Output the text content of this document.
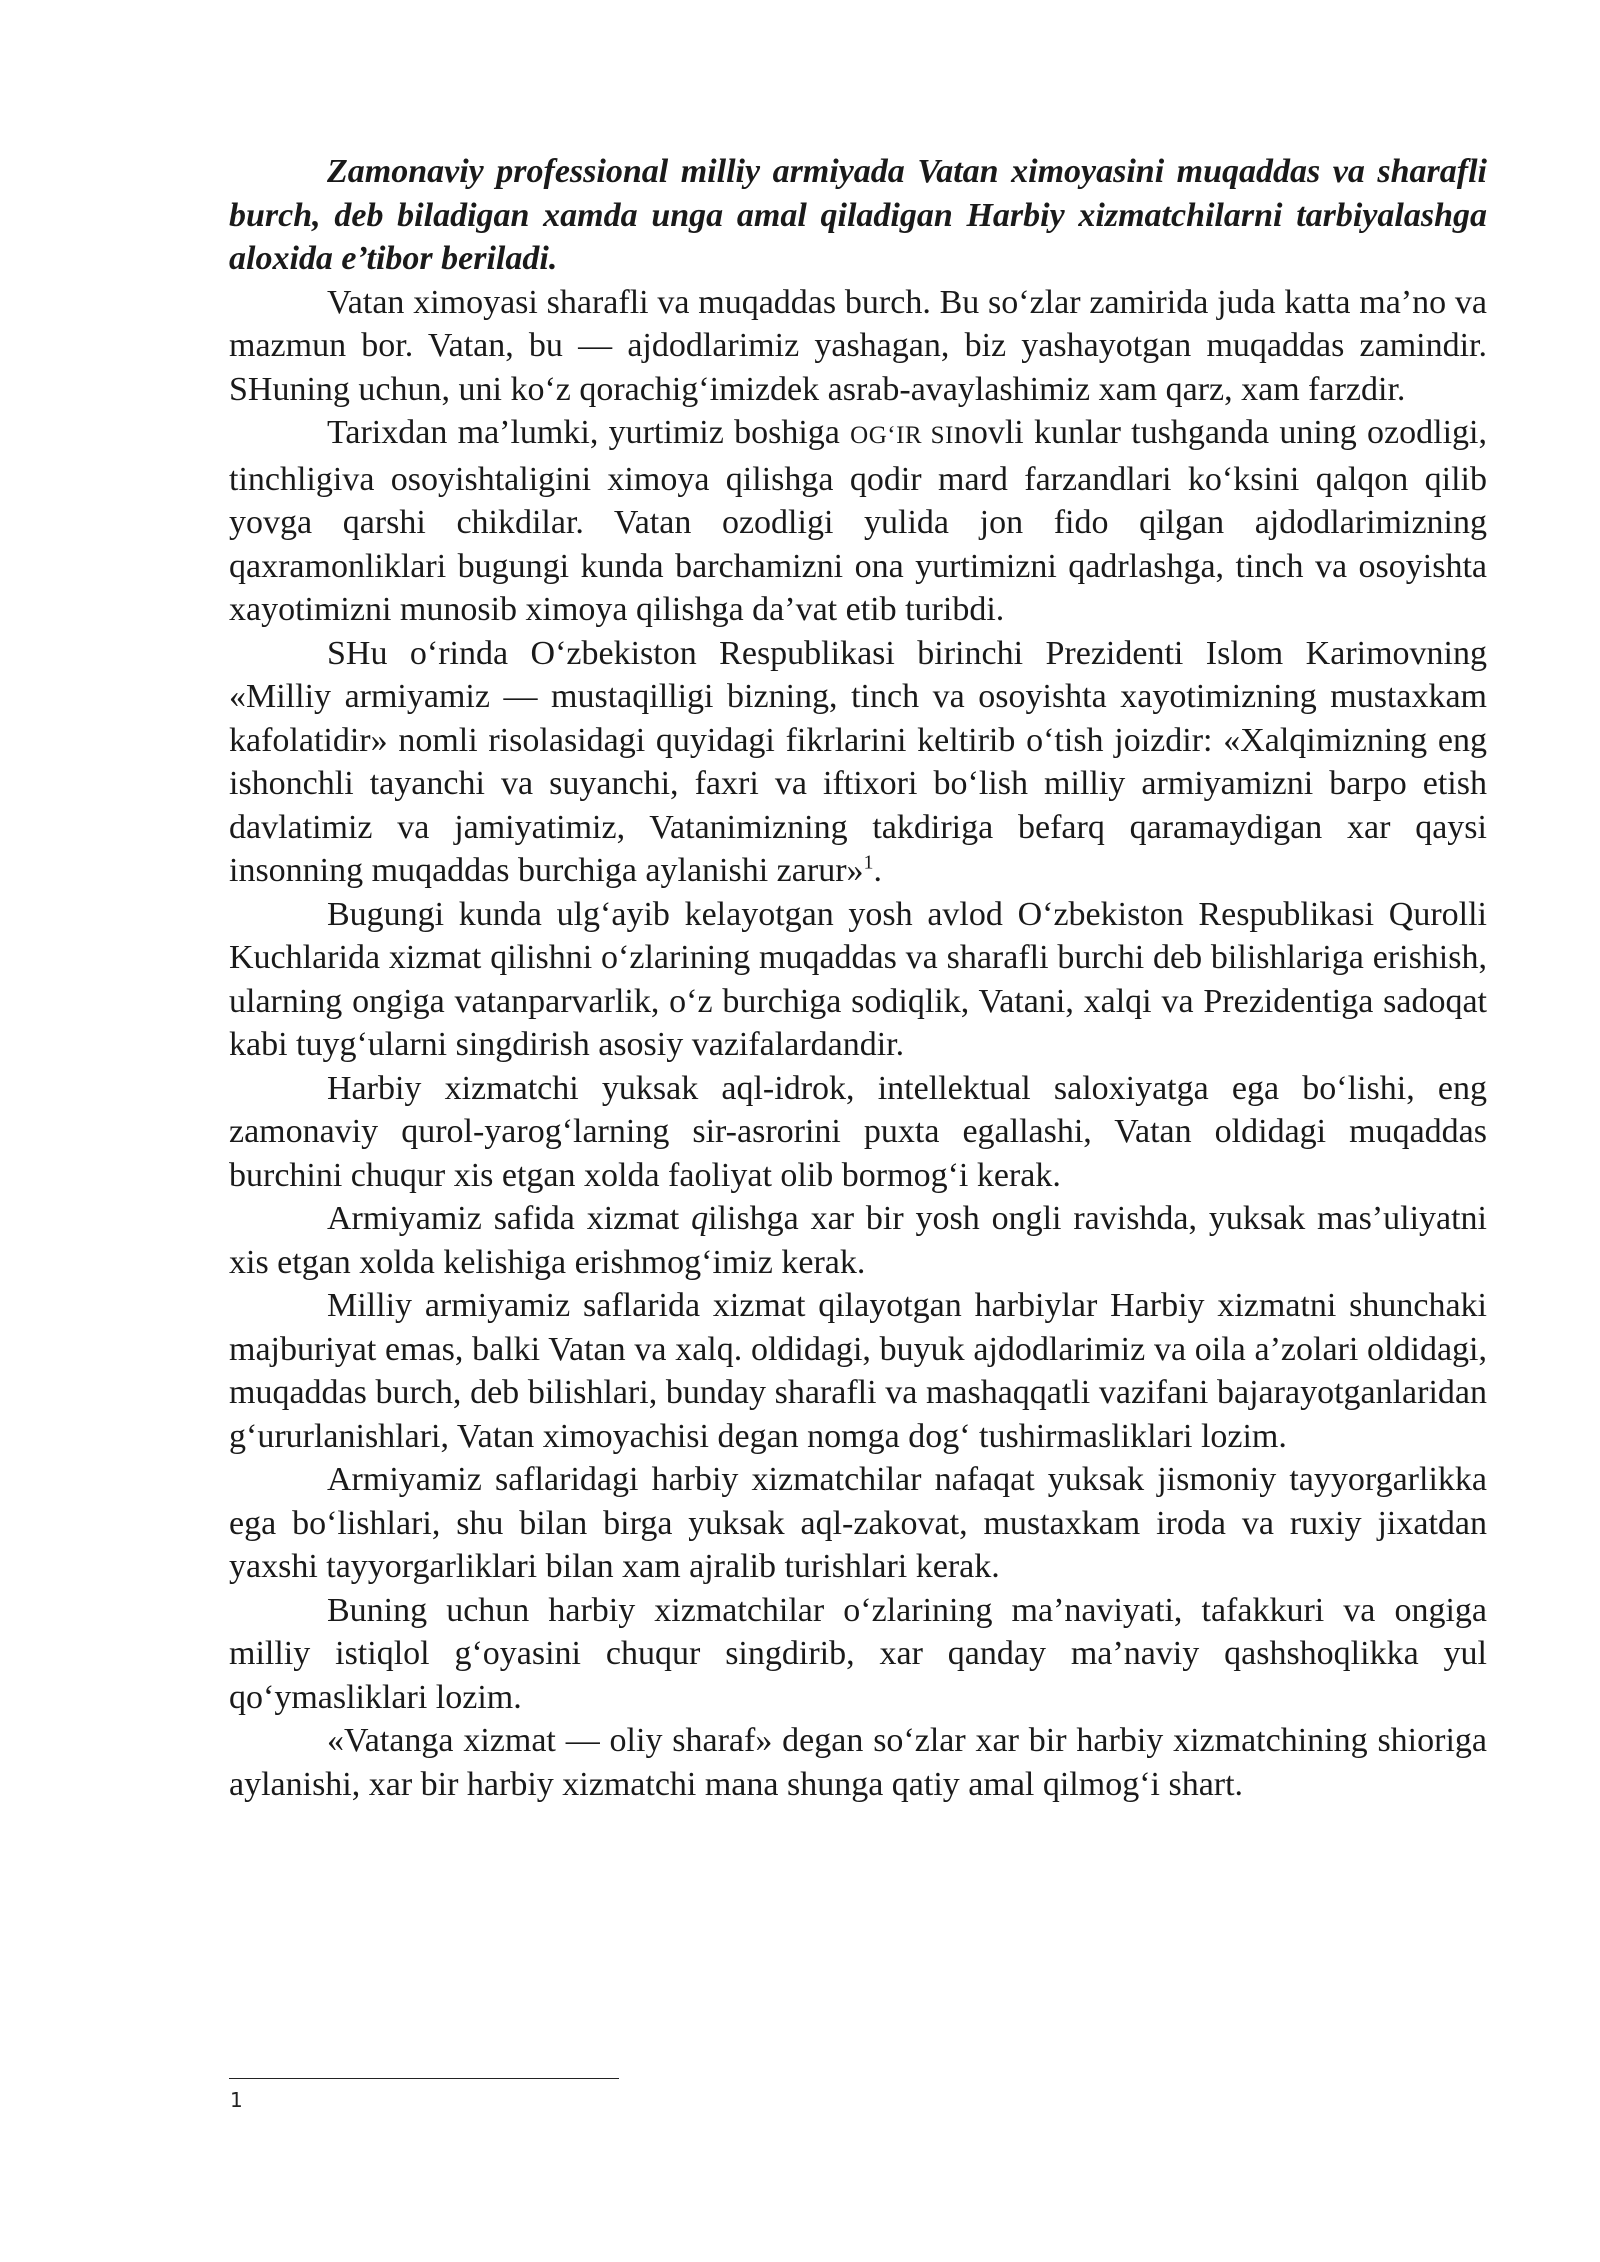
Zamonaviy professional milliy armiyada Vatan ximoyasini muqaddas va sharafli burch, deb biladigan xamda unga amal qiladigan Harbiy xizmatchilarni tarbiyalashga aloxida e’tibor beriladi.

Vatan ximoyasi sharafli va muqaddas burch. Bu so‘zlar zamirida juda katta ma’no va mazmun bor. Vatan, bu — ajdodlarimiz yashagan, biz yashayotgan muqaddas zamindir. SHuning uchun, uni ko‘z qorachig‘imizdek asrab-avaylashimiz xam qarz, xam farzdir.

Tarixdan ma’lumki, yurtimiz boshiga OG‘IR SInovli kunlar tushganda uning ozodligi, tinchligiva osoyishtaligini ximoya qilishga qodir mard farzandlari ko‘ksini qalqon qilib yovga qarshi chikdilar. Vatan ozodligi yulida jon fido qilgan ajdodlarimizning qaxramonliklari bugungi kunda barchamizni ona yurtimizni qadrlashga, tinch va osoyishta xayotimizni munosib ximoya qilishga da’vat etib turibdi.

SHu o‘rinda O‘zbekiston Respublikasi birinchi Prezidenti Islom Karimovning «Milliy armiyamiz — mustaqilligi bizning, tinch va osoyishta xayotimizning mustaxkam kafolatidir» nomli risolasidagi quyidagi fikrlarini keltirib o‘tish joizdir: «Xalqimizning eng ishonchli tayanchi va suyanchi, faxri va iftixori bo‘lish milliy armiyamizni barpo etish davlatimiz va jamiyatimiz, Vatanimizning takdiriga befarq qaramaydigan xar qaysi insonning muqaddas burchiga aylanishi zarur»$^1$.

Bugungi kunda ulg‘ayib kelayotgan yosh avlod O‘zbekiston Respublikasi Qurolli Kuchlarida xizmat qilishni o‘zlarining muqaddas va sharafli burchi deb bilishlariga erishish, ularning ongiga vatanparvarlik, o‘z burchiga sodiqlik, Vatani, xalqi va Prezidentiga sadoqat kabi tuyg‘ularni singdirish asosiy vazifalardandir.

Harbiy xizmatchi yuksak aql-idrok, intellektual saloxiyatga ega bo‘lishi, eng zamonaviy qurol-yarog‘larning sir-asrorini puxta egallashi, Vatan oldidagi muqaddas burchini chuqur xis etgan xolda faoliyat olib bormog‘i kerak.

Armiyamiz safida xizmat qilishga xar bir yosh ongli ravishda, yuksak mas’uliyatni xis etgan xolda kelishiga erishmog‘imiz kerak.

Milliy armiyamiz saflarida xizmat qilayotgan harbiylar Harbiy xizmatni shunchaki majburiyat emas, balki Vatan va xalq. oldidagi, buyuk ajdodlarimiz va oila a’zolari oldidagi, muqaddas burch, deb bilishlari, bunday sharafli va mashaqqatli vazifani bajarayotganlaridan g‘ururlanishlari, Vatan ximoyachisi degan nomga dog‘ tushirmasliklari lozim.

Armiyamiz saflaridagi harbiy xizmatchilar nafaqat yuksak jismoniy tayyorgarlikka ega bo‘lishlari, shu bilan birga yuksak aql-zakovat, mustaxkam iroda va ruxiy jixatdan yaxshi tayyorgarliklari bilan xam ajralib turishlari kerak.

Buning uchun harbiy xizmatchilar o‘zlarining ma’naviyati, tafakkuri va ongiga milliy istiqlol g‘oyasini chuqur singdirib, xar qanday ma’naviy qashshoqlikka yul qo‘ymasliklari lozim.

«Vatanga xizmat — oliy sharaf» degan so‘zlar xar bir harbiy xizmatchining shioriga aylanishi, xar bir harbiy xizmatchi mana shunga qatiy amal qilmog‘i shart.

1
